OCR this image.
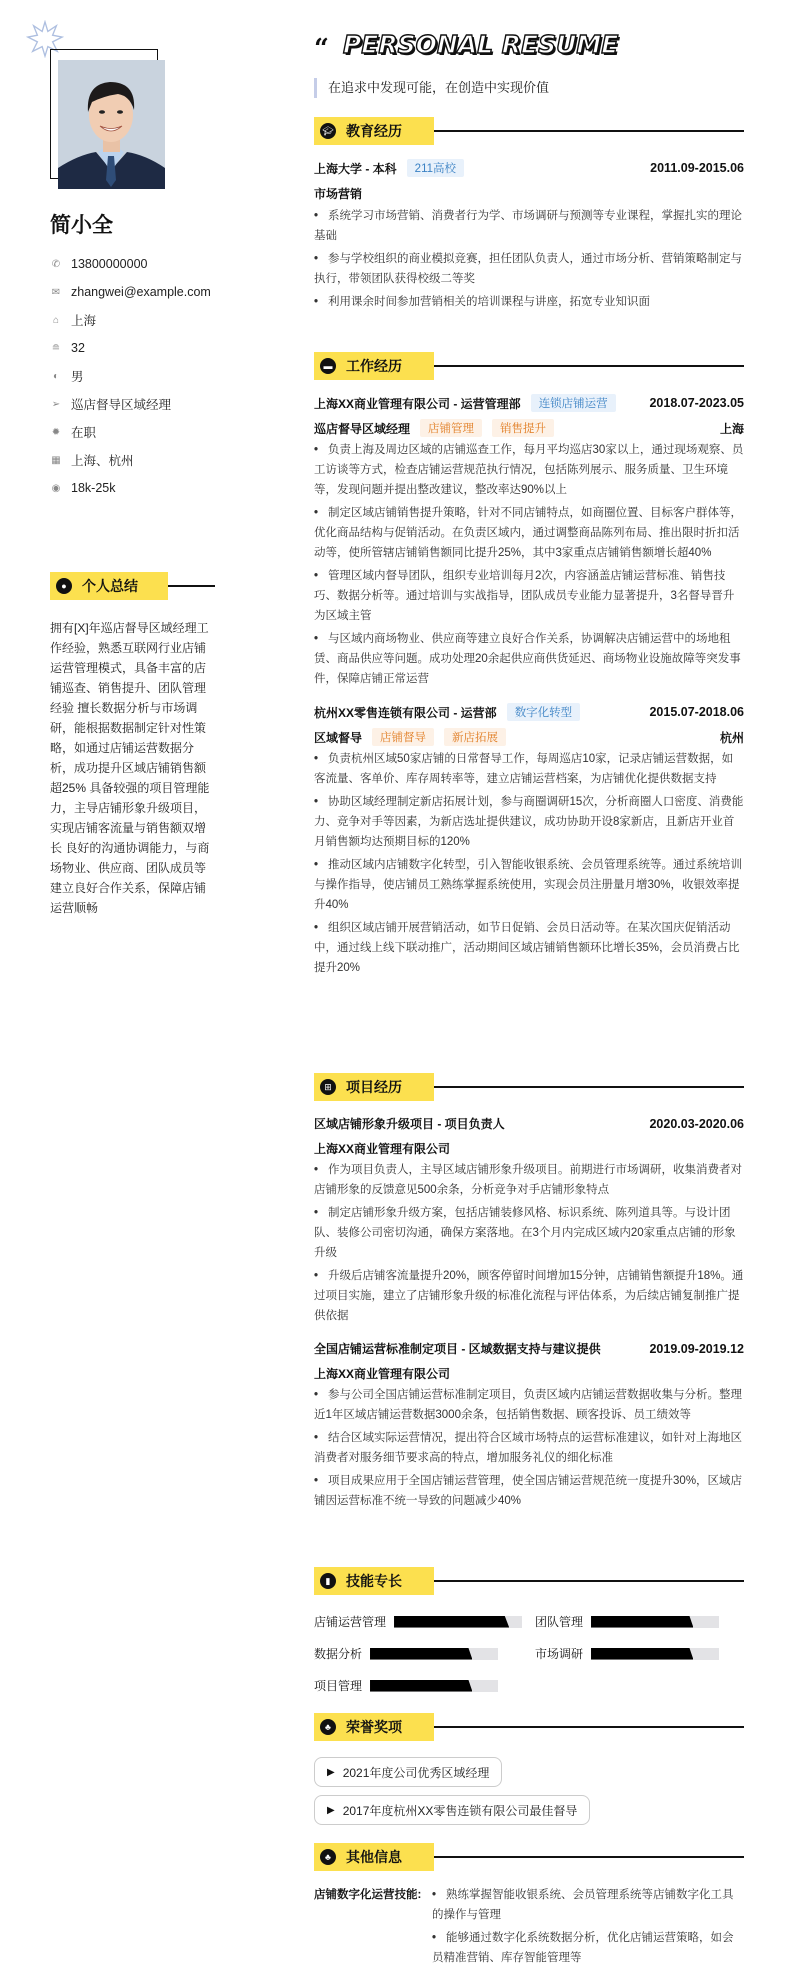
简小全
✆ 13800000000
✉ zhangwei@example.com
⌂ 上海
≘ 32
◐ 男
➢ 巡店督导区域经理
✹ 在职
▦ 上海、杭州
◉ 18k-25k
●	个人总结
拥有[X]年巡店督导区域经理工作经验，熟悉互联网行业店铺运营管理模式，具备丰富的店铺巡查、销售提升、团队管理经验 擅长数据分析与市场调研，能根据数据制定针对性策略，如通过店铺运营数据分析，成功提升区域店铺销售额超25% 具备较强的项目管理能力，主导店铺形象升级项目，实现店铺客流量与销售额双增长 良好的沟通协调能力，与商场物业、供应商、团队成员等建立良好合作关系，保障店铺运营顺畅
“ PERSONAL RESUME
在追求中发现可能，在创造中实现价值
🎓︎ 教育经历
上海大学 - 本科	211高校	2011.09-2015.06
市场营销
• 系统学习市场营销、消费者行为学、市场调研与预测等专业课程，掌握扎实的理论基础
• 参与学校组织的商业模拟竞赛，担任团队负责人，通过市场分析、营销策略制定与执行，带领团队获得校级二等奖
• 利用课余时间参加营销相关的培训课程与讲座，拓宽专业知识面
▬ 工作经历
上海XX商业管理有限公司 - 运营管理部	连锁店铺运营	2018.07-2023.05
巡店督导区域经理	店铺管理	销售提升	上海
• 负责上海及周边区域的店铺巡查工作，每月平均巡店30家以上，通过现场观察、员工访谈等方式，检查店铺运营规范执行情况，包括陈列展示、服务质量、卫生环境等，发现问题并提出整改建议，整改率达90%以上
• 制定区域店铺销售提升策略，针对不同店铺特点，如商圈位置、目标客户群体等，优化商品结构与促销活动。在负责区域内，通过调整商品陈列布局、推出限时折扣活动等，使所管辖店铺销售额同比提升25%，其中3家重点店铺销售额增长超40%
• 管理区域内督导团队，组织专业培训每月2次，内容涵盖店铺运营标准、销售技巧、数据分析等。通过培训与实战指导，团队成员专业能力显著提升，3名督导晋升为区域主管
• 与区域内商场物业、供应商等建立良好合作关系，协调解决店铺运营中的场地租赁、商品供应等问题。成功处理20余起供应商供货延迟、商场物业设施故障等突发事件，保障店铺正常运营
杭州XX零售连锁有限公司 - 运营部	数字化转型	2015.07-2018.06
区域督导	店铺督导	新店拓展	杭州
• 负责杭州区域50家店铺的日常督导工作，每周巡店10家，记录店铺运营数据，如客流量、客单价、库存周转率等，建立店铺运营档案，为店铺优化提供数据支持
• 协助区域经理制定新店拓展计划，参与商圈调研15次，分析商圈人口密度、消费能力、竞争对手等因素，为新店选址提供建议，成功协助开设8家新店，且新店开业首月销售额均达预期目标的120%
• 推动区域内店铺数字化转型，引入智能收银系统、会员管理系统等。通过系统培训与操作指导，使店铺员工熟练掌握系统使用，实现会员注册量月增30%，收银效率提升40%
• 组织区域店铺开展营销活动，如节日促销、会员日活动等。在某次国庆促销活动中，通过线上线下联动推广，活动期间区域店铺销售额环比增长35%，会员消费占比提升20%
⊞	项目经历
区域店铺形象升级项目 - 项目负责人	2020.03-2020.06
上海XX商业管理有限公司
• 作为项目负责人，主导区域店铺形象升级项目。前期进行市场调研，收集消费者对店铺形象的反馈意见500余条，分析竞争对手店铺形象特点
• 制定店铺形象升级方案，包括店铺装修风格、标识系统、陈列道具等。与设计团队、装修公司密切沟通，确保方案落地。在3个月内完成区域内20家重点店铺的形象升级
• 升级后店铺客流量提升20%，顾客停留时间增加15分钟，店铺销售额提升18%。通过项目实施，建立了店铺形象升级的标准化流程与评估体系，为后续店铺复制推广提供依据
全国店铺运营标准制定项目 - 区域数据支持与建议提供	2019.09-2019.12
上海XX商业管理有限公司
• 参与公司全国店铺运营标准制定项目，负责区域内店铺运营数据收集与分析。整理近1年区域店铺运营数据3000余条，包括销售数据、顾客投诉、员工绩效等
• 结合区域实际运营情况，提出符合区域市场特点的运营标准建议，如针对上海地区消费者对服务细节要求高的特点，增加服务礼仪的细化标准
• 项目成果应用于全国店铺运营管理，使全国店铺运营规范统一度提升30%，区域店铺因运营标准不统一导致的问题减少40%
▮	技能专长
店铺运营管理	团队管理
数据分析	市场调研
项目管理
♣	荣誉奖项
▶ 2021年度公司优秀区域经理
▶ 2017年度杭州XX零售连锁有限公司最佳督导
♣	其他信息
店铺数字化运营技能: • 熟练掌握智能收银系统、会员管理系统等店铺数字化工具的操作与管理
• 能够通过数字化系统数据分析，优化店铺运营策略，如会员精准营销、库存智能管理等
